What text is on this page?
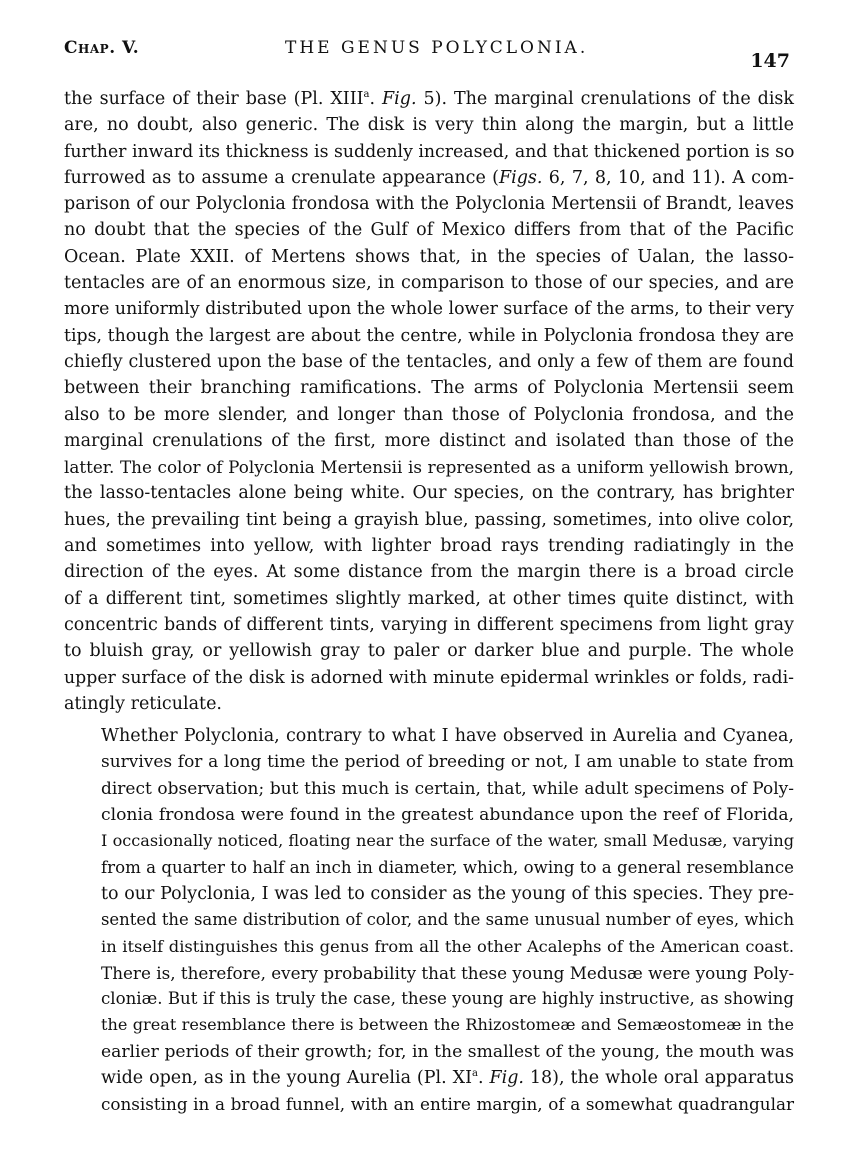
Chap. V.	THE GENUS POLYCLONIA.
147

the surface of their base (Pl. XIII$^a$. Fig. 5). The marginal crenulations of the disk
are, no doubt, also generic. The disk is very thin along the margin, but a little
further inward its thickness is suddenly increased, and that thickened portion is so
furrowed as to assume a crenulate appearance (Figs. 6, 7, 8, 10, and 11). A com-
parison of our Polyclonia frondosa with the Polyclonia Mertensii of Brandt, leaves
no doubt that the species of the Gulf of Mexico differs from that of the Pacific
Ocean. Plate XXII. of Mertens shows that, in the species of Ualan, the lasso-
tentacles are of an enormous size, in comparison to those of our species, and are
more uniformly distributed upon the whole lower surface of the arms, to their very
tips, though the largest are about the centre, while in Polyclonia frondosa they are
chiefly clustered upon the base of the tentacles, and only a few of them are found
between their branching ramifications. The arms of Polyclonia Mertensii seem
also to be more slender, and longer than those of Polyclonia frondosa, and the
marginal crenulations of the first, more distinct and isolated than those of the
latter. The color of Polyclonia Mertensii is represented as a uniform yellowish brown,
the lasso-tentacles alone being white. Our species, on the contrary, has brighter
hues, the prevailing tint being a grayish blue, passing, sometimes, into olive color,
and sometimes into yellow, with lighter broad rays trending radiatingly in the
direction of the eyes. At some distance from the margin there is a broad circle
of a different tint, sometimes slightly marked, at other times quite distinct, with
concentric bands of different tints, varying in different specimens from light gray
to bluish gray, or yellowish gray to paler or darker blue and purple. The whole
upper surface of the disk is adorned with minute epidermal wrinkles or folds, radi-
atingly reticulate.

Whether Polyclonia, contrary to what I have observed in Aurelia and Cyanea,
survives for a long time the period of breeding or not, I am unable to state from
direct observation; but this much is certain, that, while adult specimens of Poly-
clonia frondosa were found in the greatest abundance upon the reef of Florida,
I occasionally noticed, floating near the surface of the water, small Medusæ, varying
from a quarter to half an inch in diameter, which, owing to a general resemblance
to our Polyclonia, I was led to consider as the young of this species. They pre-
sented the same distribution of color, and the same unusual number of eyes, which
in itself distinguishes this genus from all the other Acalephs of the American coast.
There is, therefore, every probability that these young Medusæ were young Poly-
cloniæ. But if this is truly the case, these young are highly instructive, as showing
the great resemblance there is between the Rhizostomeæ and Semæostomeæ in the
earlier periods of their growth; for, in the smallest of the young, the mouth was
wide open, as in the young Aurelia (Pl. $XI^a$. Fig. 18), the whole oral apparatus
consisting in a broad funnel, with an entire margin, of a somewhat quadrangular
